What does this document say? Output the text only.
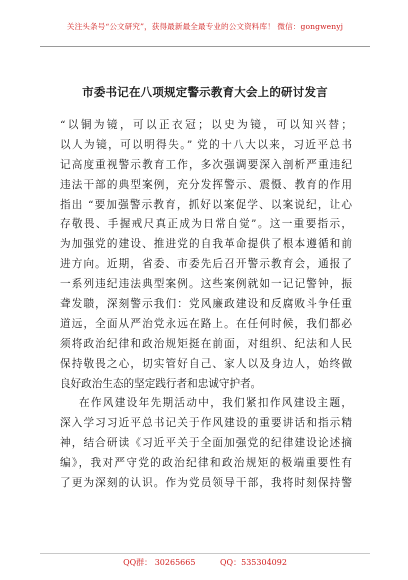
关注头条号“公文研究”，获得最新最全最专业的公文资料库！ 微信：gongwenyj
市委书记在八项规定警示教育大会上的研讨发言
“以铜为镜，可以正衣冠；以史为镜，可以知兴替；
以人为镜，可以明得失。” 党的十八大以来，习近平总书
记高度重视警示教育工作，多次强调要深入剖析严重违纪
违法干部的典型案例，充分发挥警示、震慑、教育的作用
指出 “要加强警示教育，抓好以案促学、以案说纪，让心
存敬畏、手握戒尺真正成为日常自觉”。这一重要指示，
为加强党的建设、推进党的自我革命提供了根本遵循和前
进方向。近期，省委、市委先后召开警示教育会，通报了
一系列违纪违法典型案例。这些案例就如一记记警钟，振
聋发聩，深刻警示我们：党风廉政建设和反腐败斗争任重
道远，全面从严治党永远在路上。在任何时候，我们都必
须将政治纪律和政治规矩挺在前面，对组织、纪法和人民
保持敬畏之心，切实管好自己、家人以及身边人，始终做
良好政治生态的坚定践行者和忠诚守护者。
在作风建设年先期活动中，我们紧扣作风建设主题，
深入学习习近平总书记关于作风建设的重要讲话和指示精
神，结合研读《习近平关于全面加强党的纪律建设论述摘
编》，我对严守党的政治纪律和政治规矩的极端重要性有
了更为深刻的认识。作为党员领导干部，我将时刻保持警
QQ群： 30265665	QQ：535304092
